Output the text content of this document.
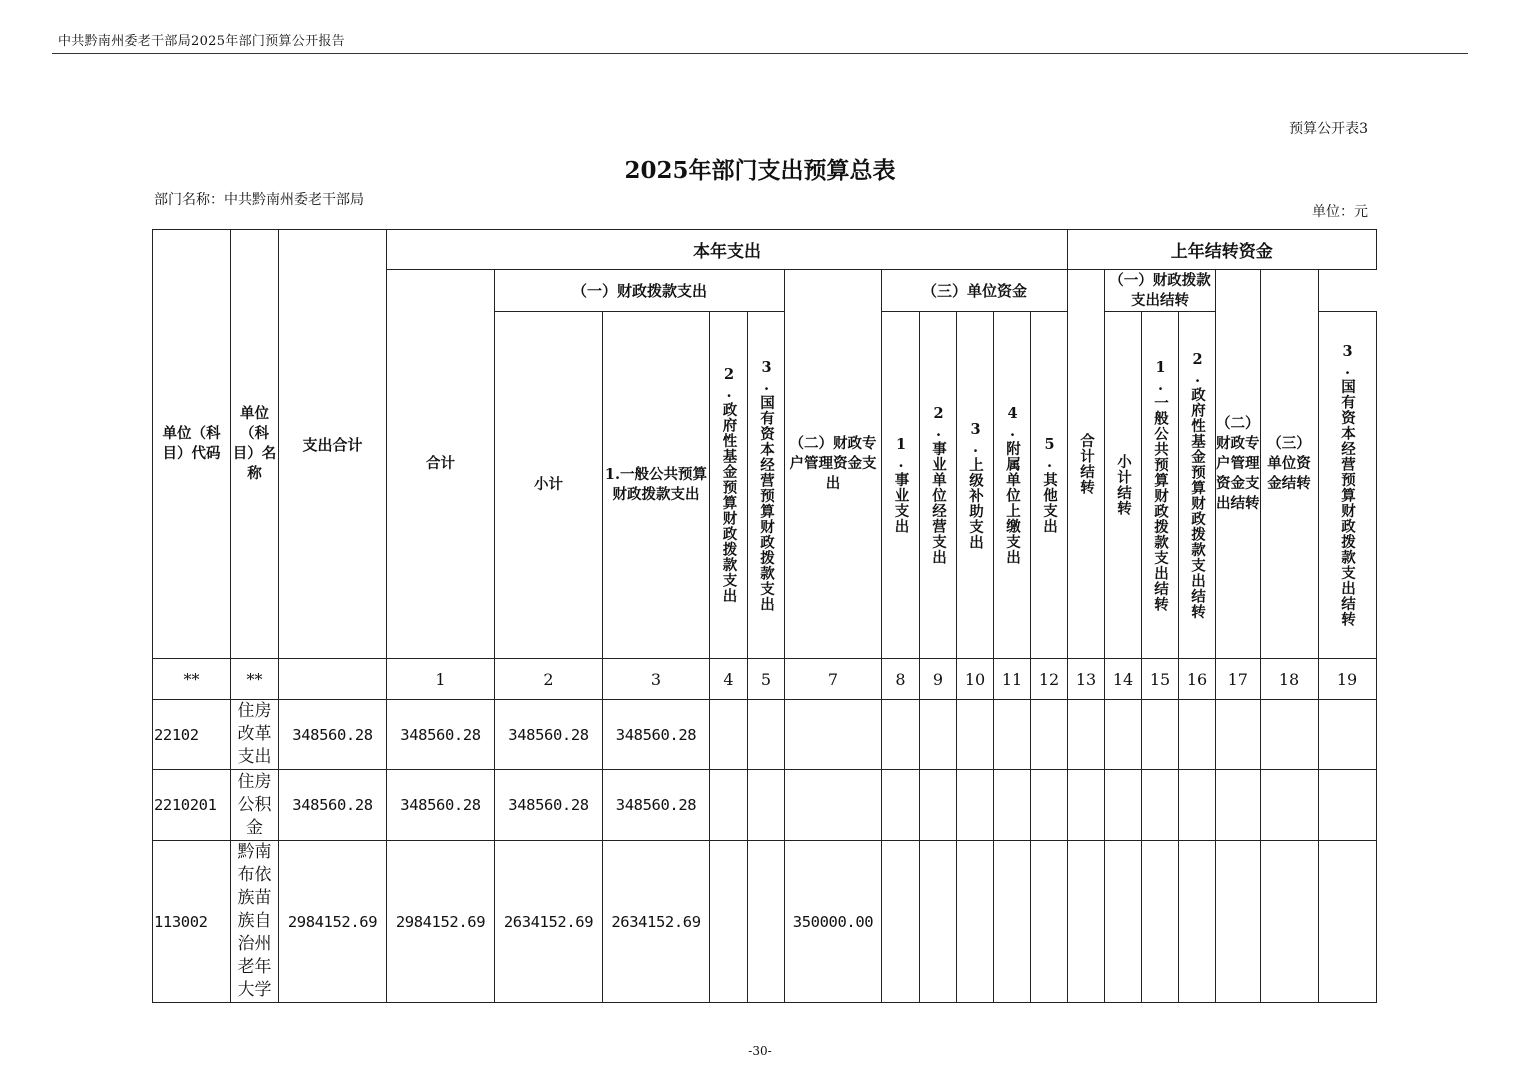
中共黔南州委老干部局2025年部门预算公开报告
预算公开表3
2025年部门支出预算总表
部门名称：中共黔南州委老干部局
单位：元
单位（科目）代码	单位（科目）名称	支出合计	本年支出											上年结转资金						
			合计	（一）财政拨款支出				（二）财政专户管理资金支出	（三）单位资金					合计结转	（一）财政拨款支出结转			（二）财政专户管理资金支出结转	（三）单位资金结转	
				小计	1.一般公共预算财政拨款支出	2.政府性基金预算财政拨款支出	3.国有资本经营预算财政拨款支出		1.事业支出	2.事业单位经营支出	3.上级补助支出	4.附属单位上缴支出	5.其他支出		小计结转	1.一般公共预算财政拨款支出结转	2.政府性基金预算财政拨款支出结转			3.国有资本经营预算财政拨款支出结转

**	**		1	2	3	4	5	7	8	9	10	11	12	13	14	15	16	17	18	19
22102	住房改革支出	348560.28	348560.28	348560.28	348560.28															
2210201	住房公积金	348560.28	348560.28	348560.28	348560.28															
113002	黔南布依族苗族自治州老年大学	2984152.69	2984152.69	2634152.69	2634152.69			350000.00												
-30-
